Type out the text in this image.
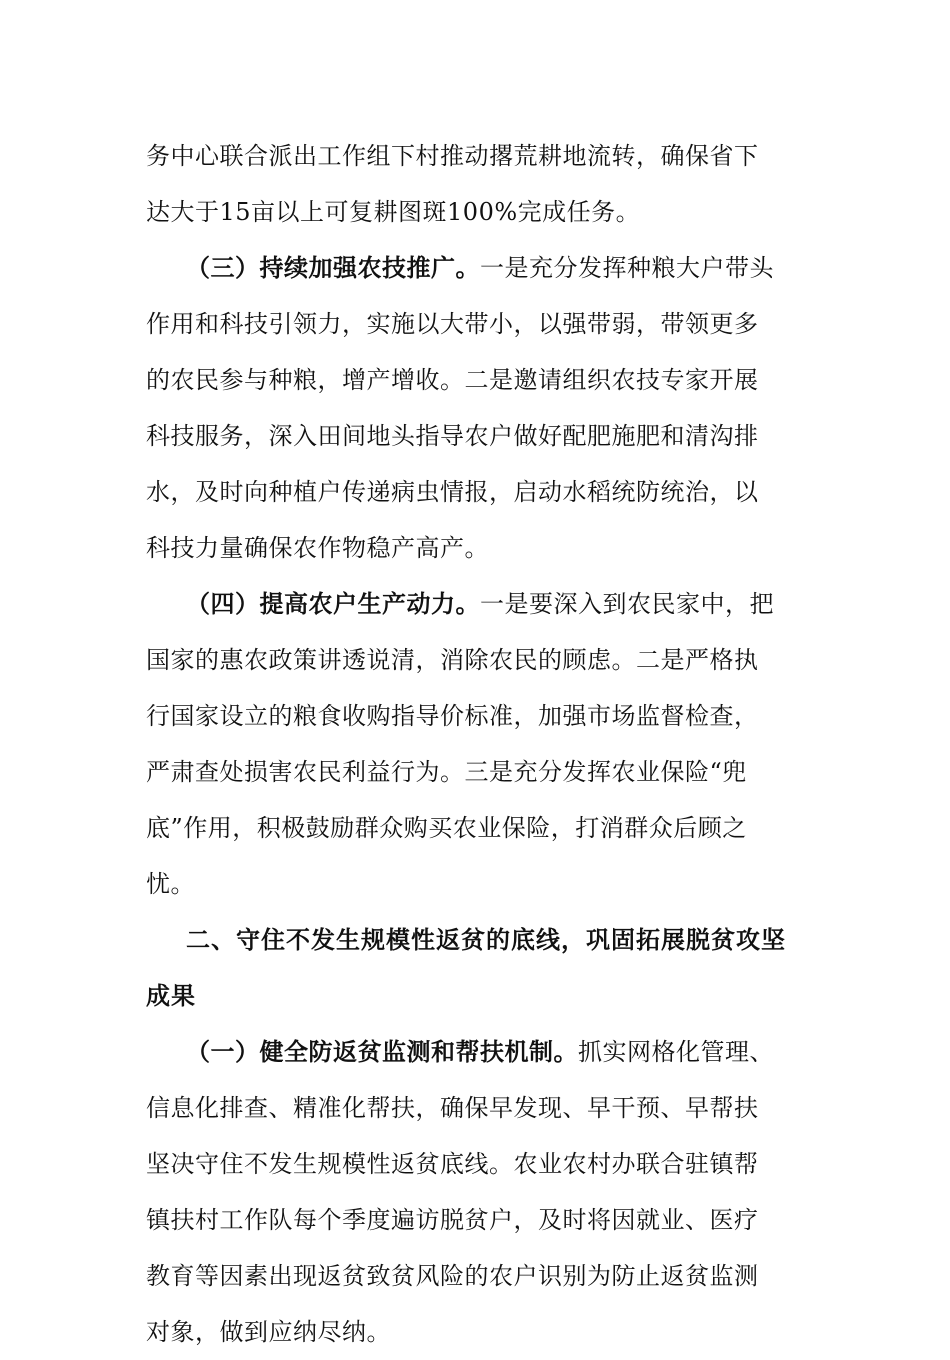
务中心联合派出工作组下村推动撂荒耕地流转，确保省下
达大于15亩以上可复耕图斑100%完成任务。
（三）持续加强农技推广。一是充分发挥种粮大户带头
作用和科技引领力，实施以大带小，以强带弱，带领更多
的农民参与种粮，增产增收。二是邀请组织农技专家开展
科技服务，深入田间地头指导农户做好配肥施肥和清沟排
水，及时向种植户传递病虫情报，启动水稻统防统治，以
科技力量确保农作物稳产高产。
（四）提高农户生产动力。一是要深入到农民家中，把
国家的惠农政策讲透说清，消除农民的顾虑。二是严格执
行国家设立的粮食收购指导价标准，加强市场监督检查，
严肃查处损害农民利益行为。三是充分发挥农业保险“兜
底”作用，积极鼓励群众购买农业保险，打消群众后顾之
忧。
二、守住不发生规模性返贫的底线，巩固拓展脱贫攻坚
成果
（一）健全防返贫监测和帮扶机制。抓实网格化管理、
信息化排查、精准化帮扶，确保早发现、早干预、早帮扶
坚决守住不发生规模性返贫底线。农业农村办联合驻镇帮
镇扶村工作队每个季度遍访脱贫户，及时将因就业、医疗
教育等因素出现返贫致贫风险的农户识别为防止返贫监测
对象，做到应纳尽纳。
